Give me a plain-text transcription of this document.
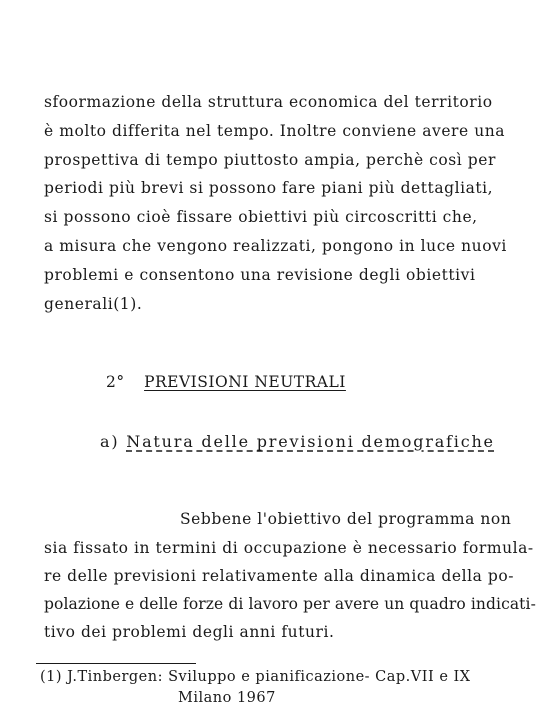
sfoormazione della struttura economica del territorio
è molto differita nel tempo. Inoltre conviene avere una
prospettiva di tempo piuttosto ampia, perchè così per
periodi più brevi si possono fare piani più dettagliati,
si possono cioè fissare obiettivi più circoscritti che,
a misura che vengono realizzati, pongono in luce nuovi
problemi e consentono una revisione degli obiettivi
generali(1).
2° PREVISIONI NEUTRALI
a) Natura delle previsioni demografiche
Sebbene l'obiettivo del programma non
sia fissato in termini di occupazione è necessario formula-
re delle previsioni relativamente alla dinamica della po-
polazione e delle forze di lavoro per avere un quadro indicati-
tivo dei problemi degli anni futuri.
(1) J.Tinbergen: Sviluppo e pianificazione- Cap.VII e IX
Milano 1967
